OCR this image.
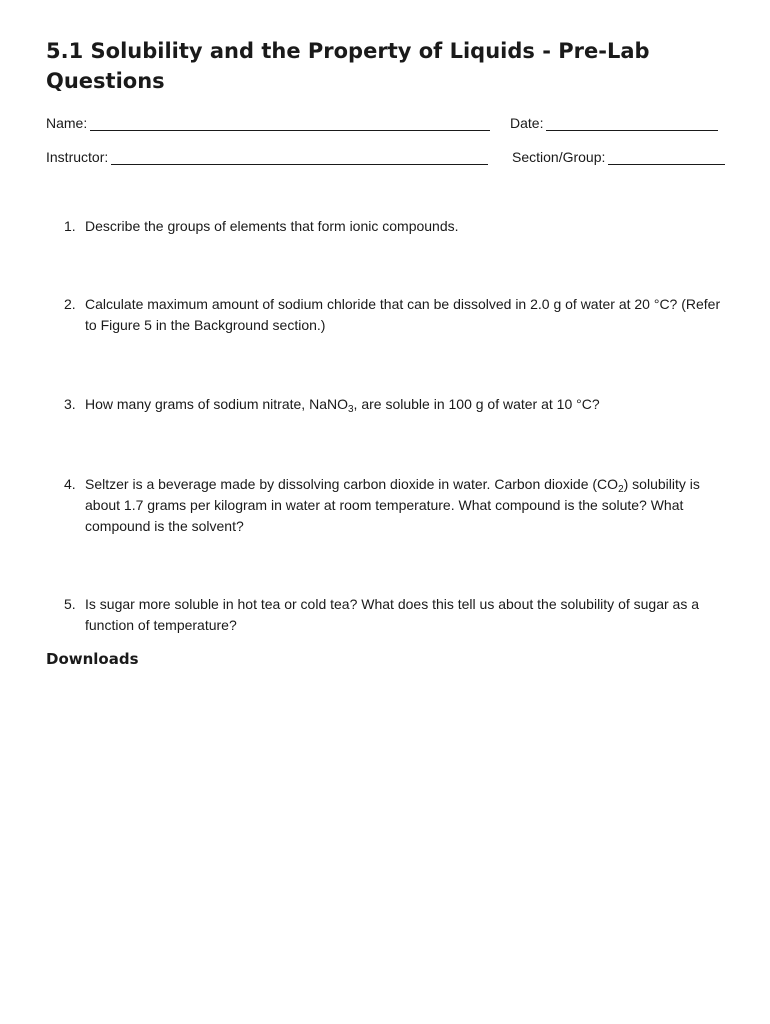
5.1 Solubility and the Property of Liquids - Pre-Lab Questions
Name:	Date:
Instructor:	Section/Group:
1. Describe the groups of elements that form ionic compounds.
2. Calculate maximum amount of sodium chloride that can be dissolved in 2.0 g of water at 20 °C? (Refer to Figure 5 in the Background section.)
3. How many grams of sodium nitrate, NaNO$_3$, are soluble in 100 g of water at 10 °C?
4. Seltzer is a beverage made by dissolving carbon dioxide in water. Carbon dioxide $(CO_2)$ solubility is about 1.7 grams per kilogram in water at room temperature. What compound is the solute? What compound is the solvent?
5. Is sugar more soluble in hot tea or cold tea? What does this tell us about the solubility of sugar as a function of temperature?
Downloads
